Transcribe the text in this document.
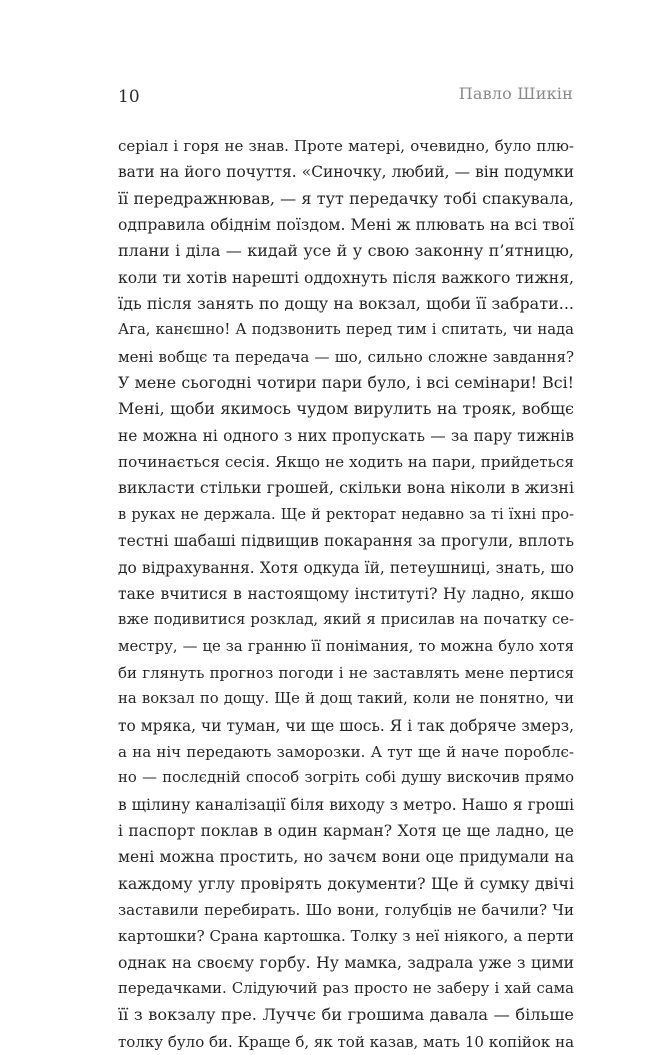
10	Павло Шикін
серіал і горя не знав. Проте матері, очевидно, було плю-
вати на його почуття. «Синочку, любий, — він подумки
її передражнював, — я тут передачку тобі спакувала,
одправила обіднім поїздом. Мені ж плювать на всі твої
плани і діла — кидай усе й у свою законну п’ятницю,
коли ти хотів нарешті оддохнуть після важкого тижня,
їдь після занять по дощу на вокзал, щоби її забрати...
Ага, канєшно! А подзвонить перед тим і спитать, чи нада
мені вобщє та передача — шо, сильно сложне завдання?
У мене сьогодні чотири пари було, і всі семінари! Всі!
Мені, щоби якимось чудом вирулить на трояк, вобщє
не можна ні одного з них пропускать — за пару тижнів
починається сесія. Якщо не ходить на пари, прийдеться
викласти стільки грошей, скільки вона ніколи в жизні
в руках не держала. Ще й ректорат недавно за ті їхні про-
тестні шабаші підвищив покарання за прогули, вплоть
до відрахування. Хотя одкуда їй, петеушниці, знать, шо
таке вчитися в настоящому інституті? Ну ладно, якшо
вже подивитися розклад, який я присилав на початку се-
местру, — це за гранню її понімания, то можна було хотя
би глянуть прогноз погоди і не заставлять мене пертися
на вокзал по дощу. Ще й дощ такий, коли не понятно, чи
то мряка, чи туман, чи ще шось. Я і так добряче змерз,
а на ніч передають заморозки. А тут ще й наче пороблє-
но — послєдній способ зогріть собі душу вискочив прямо
в щілину каналізації біля виходу з метро. Нашо я гроші
і паспорт поклав в один карман? Хотя це ще ладно, це
мені можна простить, но зачєм вони оце придумали на
каждому углу провірять документи? Ще й сумку двічі
заставили перебирать. Шо вони, голубців не бачили? Чи
картошки? Срана картошка. Толку з неї ніякого, а перти
однак на своєму горбу. Ну мамка, задрала уже з цими
передачками. Слідуючий раз просто не заберу і хай сама
її з вокзалу пре. Луччє би грошима давала — більше
толку було би. Краще б, як той казав, мать 10 копійок на
